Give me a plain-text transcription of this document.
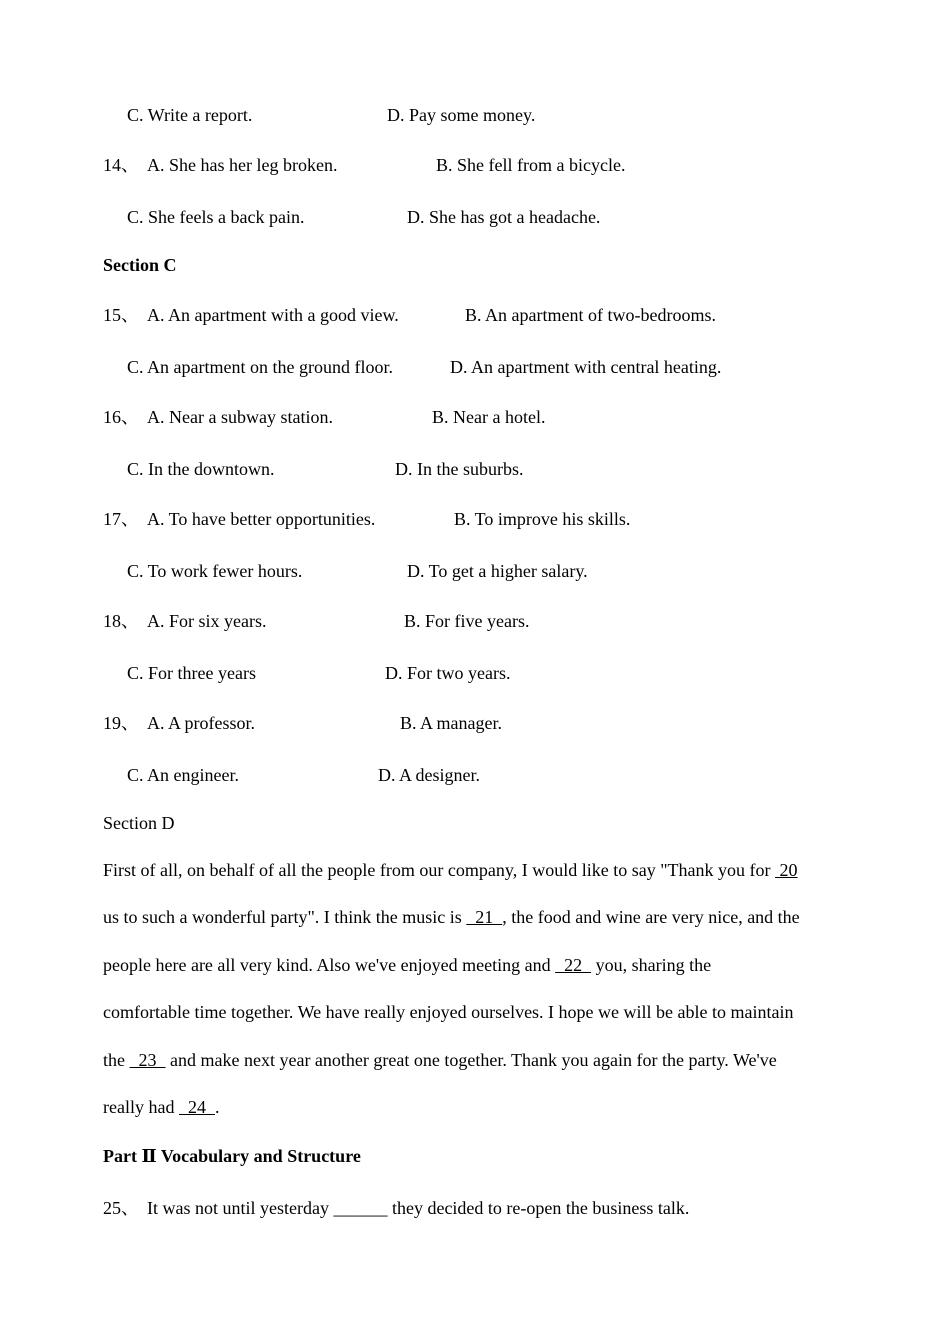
C. Write a report.	D. Pay some money.
14、 A. She has her leg broken.	B. She fell from a bicycle.
C. She feels a back pain.	D. She has got a headache.
Section C
15、 A. An apartment with a good view.	B. An apartment of two-bedrooms.
C. An apartment on the ground floor.	D. An apartment with central heating.
16、 A. Near a subway station.	B. Near a hotel.
C. In the downtown.	D. In the suburbs.
17、 A. To have better opportunities.	B. To improve his skills.
C. To work fewer hours.	D. To get a higher salary.
18、 A. For six years.	B. For five years.
C. For three years	D. For two years.
19、 A. A professor.	B. A manager.
C. An engineer.	D. A designer.
Section D
First of all, on behalf of all the people from our company, I would like to say "Thank you for  20
us to such a wonderful party". I think the music is   21  , the food and wine are very nice, and the
people here are all very kind. Also we've enjoyed meeting and   22   you, sharing the
comfortable time together. We have really enjoyed ourselves. I hope we will be able to maintain
the   23   and make next year another great one together. Thank you again for the party. We've
really had   24  .
Part Ⅱ Vocabulary and Structure
25、 It was not until yesterday ______ they decided to re-open the business talk.
